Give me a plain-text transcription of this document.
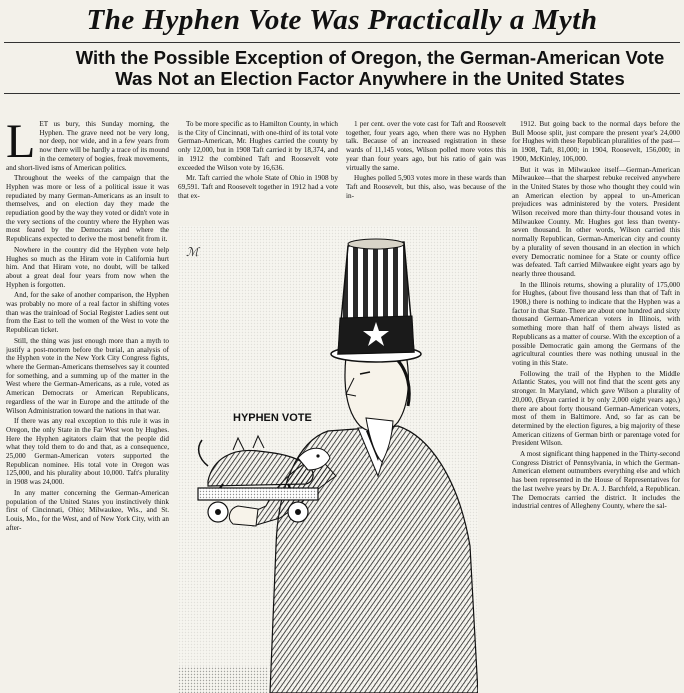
The Hyphen Vote Was Practically a Myth
With the Possible Exception of Oregon, the German-American Vote Was Not an Election Factor Anywhere in the United States

LET us bury, this Sunday morning, the Hyphen. The grave need not be very long, nor deep, nor wide, and in a few years from now there will be hardly a trace of its mound in the cemetery of bogies, freak movements, and short-lived isms of American politics.

Throughout the weeks of the campaign that the Hyphen was more or less of a political issue it was repudiated by many German-Americans as an insult to themselves, and on election day they made the repudiation good by the way they voted or didn't vote in the very sections of the country where the Hyphen was most feared by the Democrats and where the Republicans expected to derive the most benefit from it.

Nowhere in the country did the Hyphen vote help Hughes so much as the Hiram vote in California hurt him. And that Hiram vote, no doubt, will be talked about a great deal four years from now when the Hyphen is forgotten.

And, for the sake of another comparison, the Hyphen was probably no more of a real factor in shifting votes than was the trainload of Social Register Ladies sent out from the East to tell the women of the West to vote the Republican ticket.

Still, the thing was just enough more than a myth to justify a post-mortem before the burial, an analysis of the Hyphen vote in the New York City Congress fights, where the German-Americans themselves say it counted for something, and a summing up of the matter in the West where the German-Americans, as a rule, voted as American Democrats or American Republicans, regardless of the war in Europe and the attitude of the Wilson Administration toward the nations in that war.

If there was any real exception to this rule it was in Oregon, the only State in the Far West won by Hughes. Here the Hyphen agitators claim that the people did what they told them to do and that, as a consequence, 25,000 German-American voters supported the Republican nominee. His total vote in Oregon was 125,000, and his plurality about 10,000. Taft's plurality in 1908 was 24,000.

In any matter concerning the German-American population of the United States you instinctively think first of Cincinnati, Ohio; Milwaukee, Wis., and St. Louis, Mo., for the West, and of New York City, with an after-

To be more specific as to Hamilton County, in which is the City of Cincinnati, with one-third of its total vote German-American, Mr. Hughes carried the county by only 12,000, but in 1908 Taft carried it by 18,374, and in 1912 the combined Taft and Roosevelt vote exceeded the Wilson vote by 16,636.

Mr. Taft carried the whole State of Ohio in 1908 by 69,591. Taft and Roosevelt together in 1912 had a vote that ex-

1 per cent. over the vote cast for Taft and Roosevelt together, four years ago, when there was no Hyphen talk. Because of an increased registration in these wards of 11,145 votes, Wilson polled more votes this year than four years ago, but his ratio of gain was virtually the same.

Hughes polled 5,903 votes more in these wards than Taft and Roosevelt, but this, also, was because of the in-

1912. But going back to the normal days before the Bull Moose split, just compare the present year's 24,000 for Hughes with these Republican pluralities of the past—in 1908, Taft, 81,000; in 1904, Roosevelt, 156,000; in 1900, McKinley, 106,000.

But it was in Milwaukee itself—German-American Milwaukee—that the sharpest rebuke received anywhere in the United States by those who thought they could win an American election by appeal to un-American prejudices was administered by the voters. President Wilson received more than thirty-four thousand votes in Milwaukee County. Mr. Hughes got less than twenty-seven thousand. In other words, Wilson carried this normally Republican, German-American city and county by a plurality of seven thousand in an election in which every Democratic nominee for a State or county office was defeated. Taft carried Milwaukee eight years ago by nearly three thousand.

In the Illinois returns, showing a plurality of 175,000 for Hughes, (about five thousand less than that of Taft in 1908,) there is nothing to indicate that the Hyphen was a factor in that State. There are about one hundred and sixty thousand German-American voters in Illinois, with something more than half of them always listed as Republicans as a matter of course. With the exception of a possible Democratic gain among the Germans of the agricultural counties there was nothing unusual in the voting in this State.

Following the trail of the Hyphen to the Middle Atlantic States, you will not find that the scent gets any stronger. In Maryland, which gave Wilson a plurality of 20,000, (Bryan carried it by only 2,000 eight years ago,) there are about forty thousand German-American voters, most of them in Baltimore. And, so far as can be determined by the election figures, a big majority of these American citizens of German birth or parentage voted for President Wilson.

A most significant thing happened in the Thirty-second Congress District of Pennsylvania, in which the German-American element outnumbers everything else and which has been represented in the House of Representatives for the last twelve years by Dr. A. J. Barchfeld, a Republican. The Democrats carried the district. It includes the industrial centres of Allegheny County, where the sal-

ℳ
HYPHEN VOTE
